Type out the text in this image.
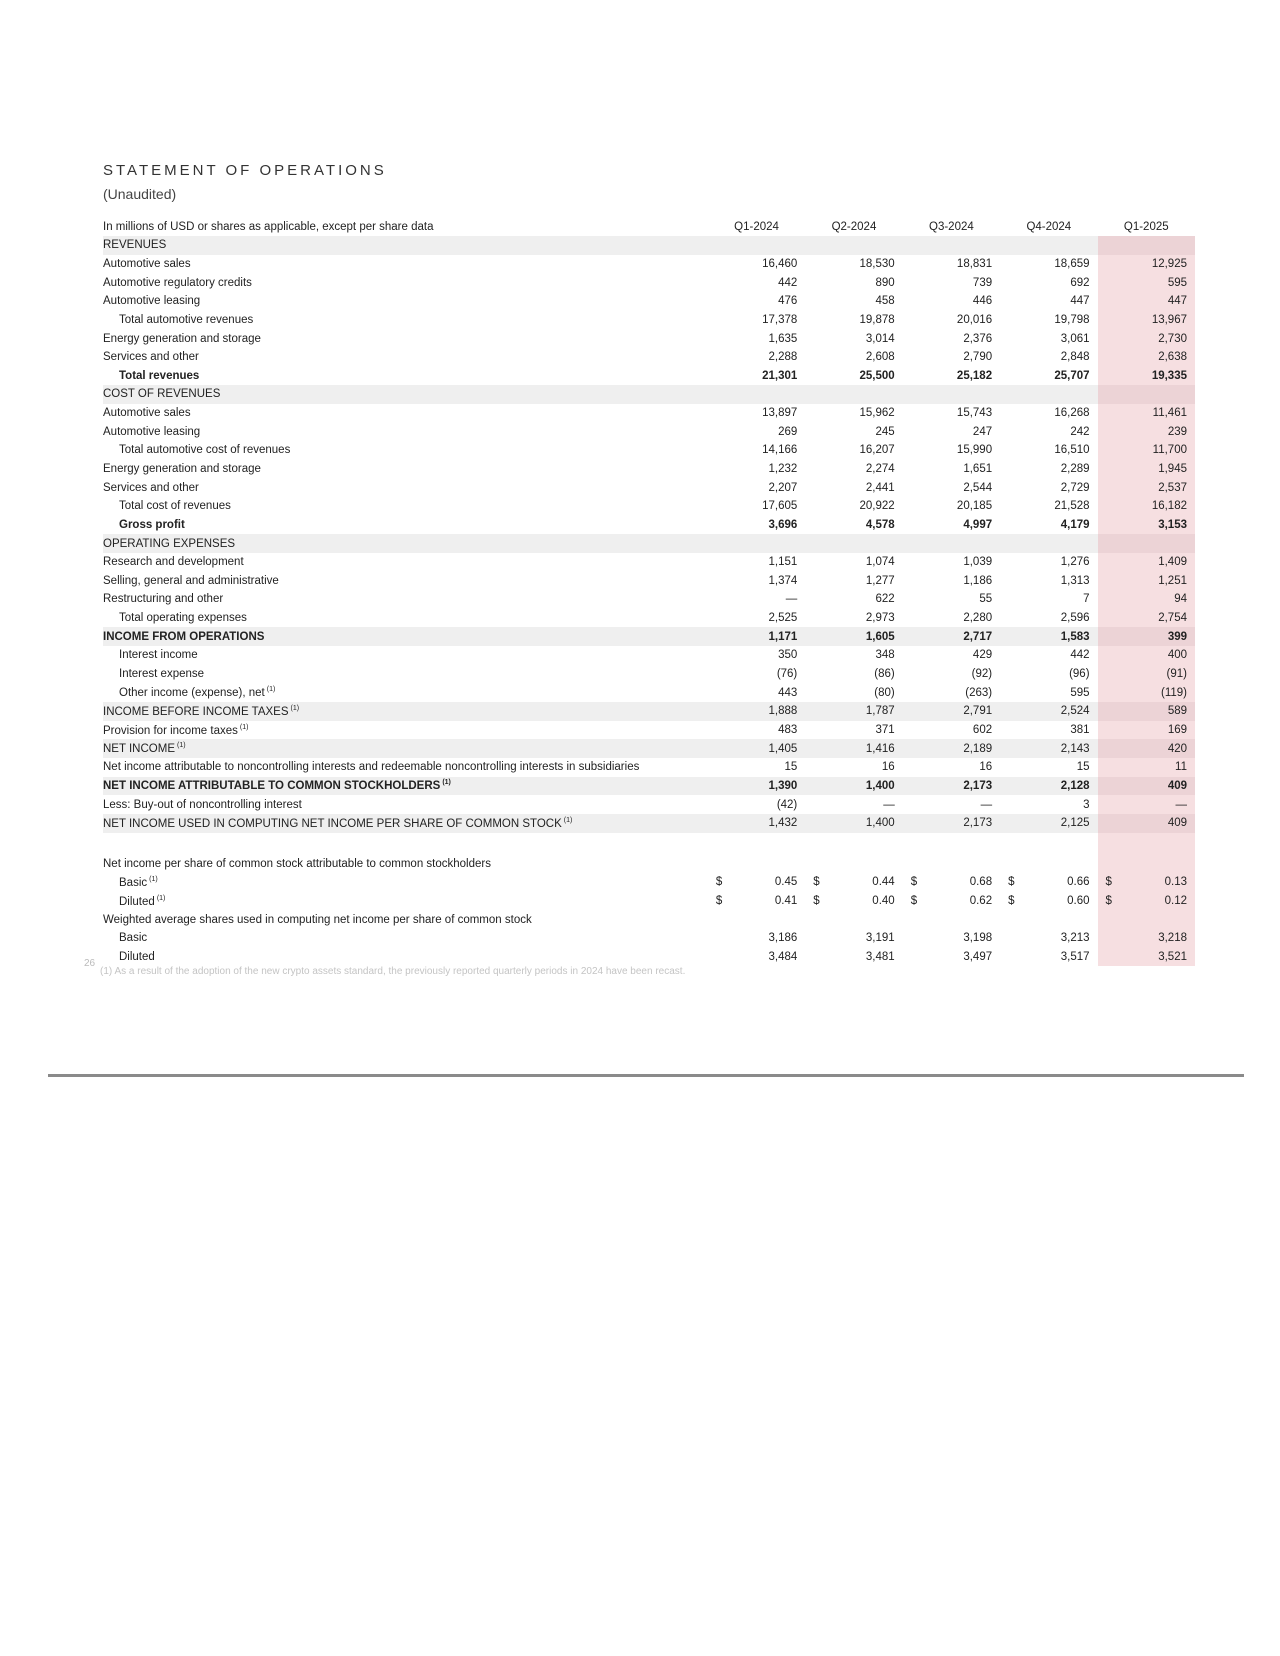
STATEMENT OF OPERATIONS
(Unaudited)
In millions of USD or shares as applicable, except per share data	Q1-2024	Q2-2024	Q3-2024	Q4-2024	Q1-2025
REVENUES					
Automotive sales	16,460	18,530	18,831	18,659	12,925
Automotive regulatory credits	442	890	739	692	595
Automotive leasing	476	458	446	447	447
Total automotive revenues	17,378	19,878	20,016	19,798	13,967
Energy generation and storage	1,635	3,014	2,376	3,061	2,730
Services and other	2,288	2,608	2,790	2,848	2,638
Total revenues	21,301	25,500	25,182	25,707	19,335
COST OF REVENUES					
Automotive sales	13,897	15,962	15,743	16,268	11,461
Automotive leasing	269	245	247	242	239
Total automotive cost of revenues	14,166	16,207	15,990	16,510	11,700
Energy generation and storage	1,232	2,274	1,651	2,289	1,945
Services and other	2,207	2,441	2,544	2,729	2,537
Total cost of revenues	17,605	20,922	20,185	21,528	16,182
Gross profit	3,696	4,578	4,997	4,179	3,153
OPERATING EXPENSES					
Research and development	1,151	1,074	1,039	1,276	1,409
Selling, general and administrative	1,374	1,277	1,186	1,313	1,251
Restructuring and other	—	622	55	7	94
Total operating expenses	2,525	2,973	2,280	2,596	2,754
INCOME FROM OPERATIONS	1,171	1,605	2,717	1,583	399
Interest income	350	348	429	442	400
Interest expense	(76)	(86)	(92)	(96)	(91)
Other income (expense), net $^{(1)}$	443	(80)	(263)	595	(119)
INCOME BEFORE INCOME TAXES $^{(1)}$	1,888	1,787	2,791	2,524	589
Provision for income taxes $^{(1)}$	483	371	602	381	169
NET INCOME $^{(1)}$	1,405	1,416	2,189	2,143	420
Net income attributable to noncontrolling interests and redeemable noncontrolling interests in subsidiaries	15	16	16	15	11
NET INCOME ATTRIBUTABLE TO COMMON STOCKHOLDERS $^{(1)}$	1,390	1,400	2,173	2,128	409
Less: Buy-out of noncontrolling interest	(42)	—	—	3	—
NET INCOME USED IN COMPUTING NET INCOME PER SHARE OF COMMON STOCK $^{(1)}$	1,432	1,400	2,173	2,125	409

Net income per share of common stock attributable to common stockholders					
Basic $^{(1)}$	$ 0.45	$ 0.44	$ 0.68	$ 0.66	$ 0.13
Diluted $^{(1)}$	$ 0.41	$ 0.40	$ 0.62	$ 0.60	$ 0.12
Weighted average shares used in computing net income per share of common stock					
Basic	3,186	3,191	3,198	3,213	3,218
Diluted	3,484	3,481	3,497	3,517	3,521
26
(1) As a result of the adoption of the new crypto assets standard, the previously reported quarterly periods in 2024 have been recast.
